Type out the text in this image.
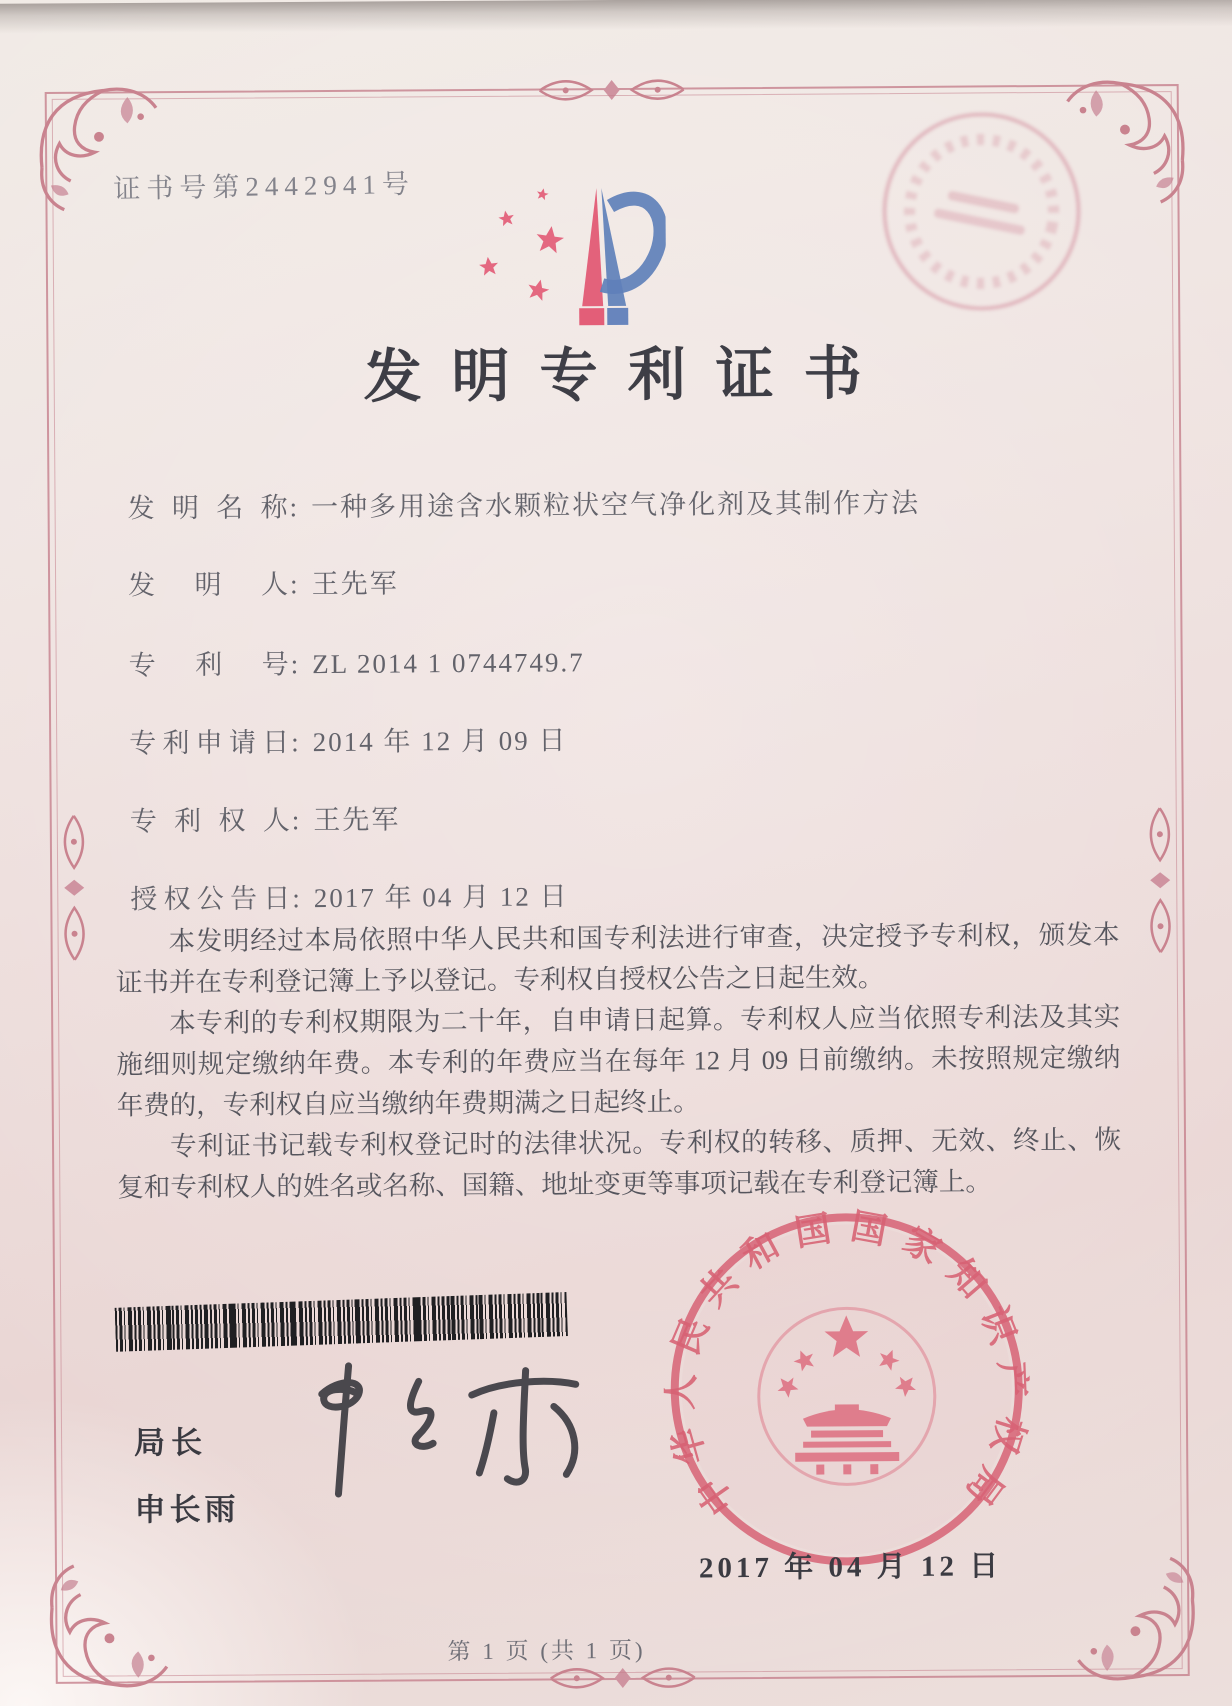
证书号第2442941号
发明专利证书
发明名称:一种多用途含水颗粒状空气净化剂及其制作方法
发明人:王先军
专利号:ZL 2014 1 0744749.7
专利申请日:2014 年 12 月 09 日
专利权人:王先军
授权公告日:2017 年 04 月 12 日

本发明经过本局依照中华人民共和国专利法进行审查，决定授予专利权，颁发本证书并在专利登记簿上予以登记。专利权自授权公告之日起生效。

本专利的专利权期限为二十年，自申请日起算。专利权人应当依照专利法及其实施细则规定缴纳年费。本专利的年费应当在每年 12 月 09 日前缴纳。未按照规定缴纳年费的，专利权自应当缴纳年费期满之日起终止。

专利证书记载专利权登记时的法律状况。专利权的转移、质押、无效、终止、恢复和专利权人的姓名或名称、国籍、地址变更等事项记载在专利登记簿上。

局长
申长雨	中华人民共和国国家知识产权局
2017 年 04 月 12 日
第 1 页 (共 1 页)
